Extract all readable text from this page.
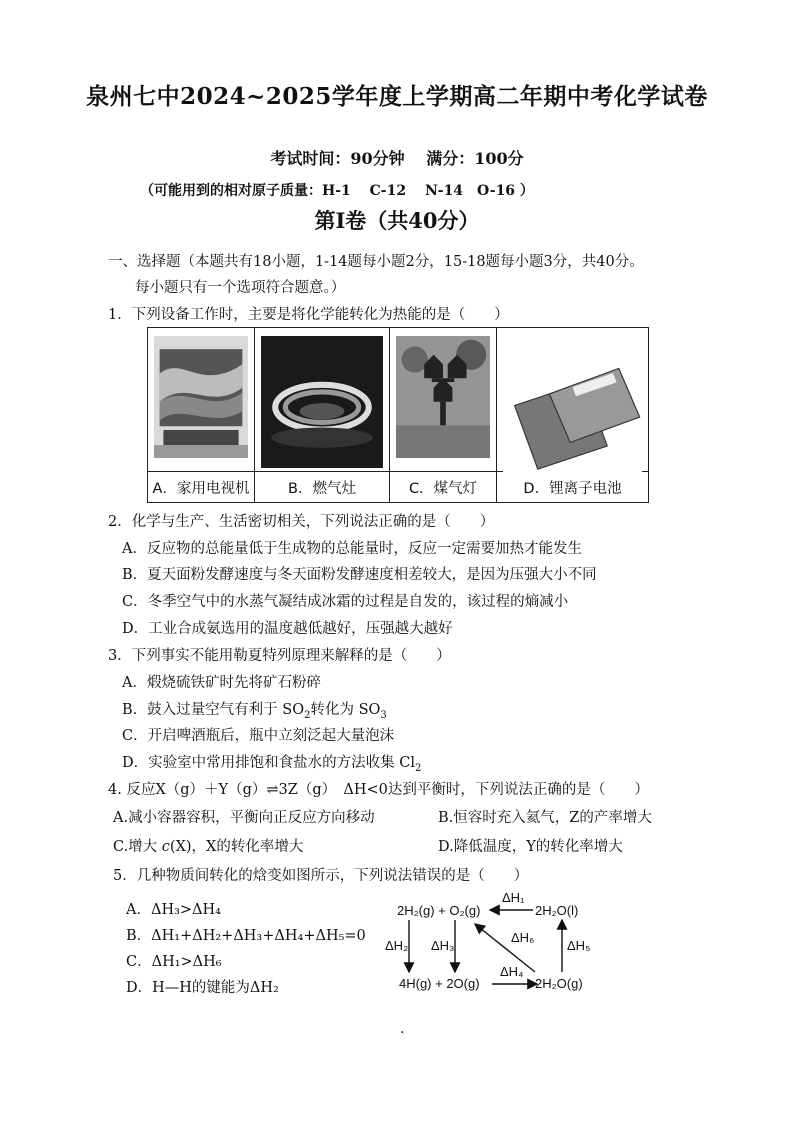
泉州七中2024~2025学年度上学期高二年期中考化学试卷
考试时间：90分钟　 满分：100分
（可能用到的相对原子质量：H-1　 C-12　 N-14　O-16 ）
第Ⅰ卷（共40分）
一、选择题（本题共有18小题，1-14题每小题2分，15-18题每小题3分，共40分。
每小题只有一个选项符合题意。）
1．下列设备工作时，主要是将化学能转化为热能的是（　　）
A．家用电视机	B．燃气灶	C．煤气灯	D．锂离子电池
2．化学与生产、生活密切相关，下列说法正确的是（　　）
A．反应物的总能量低于生成物的总能量时，反应一定需要加热才能发生
B．夏天面粉发酵速度与冬天面粉发酵速度相差较大，是因为压强大小不同
C．冬季空气中的水蒸气凝结成冰霜的过程是自发的，该过程的熵减小
D．工业合成氨选用的温度越低越好，压强越大越好
3．下列事实不能用勒夏特列原理来解释的是（　　）
A．煅烧硫铁矿时先将矿石粉碎
B．鼓入过量空气有利于 $SO_2$转化为 $SO_3$
C．开启啤酒瓶后，瓶中立刻泛起大量泡沫
D．实验室中常用排饱和食盐水的方法收集 $Cl_2$
4. 反应X（g）＋Y（g）⇌3Z（g）　ΔH<0达到平衡时，下列说法正确的是（　　）
A.减小容器容积，平衡向正反应方向移动	B.恒容时充入氦气，Z的产率增大
C.增大 c(X)，X的转化率增大	D.降低温度，Y的转化率增大
5．几种物质间转化的焓变如图所示，下列说法错误的是（　　）
A．ΔH₃>ΔH₄
B．ΔH₁+ΔH₂+ΔH₃+ΔH₄+ΔH₅=0
C．ΔH₁>ΔH₆
D．H—H的键能为ΔH₂
2H₂(g) + O₂(g)	2H₂O(l)
4H(g) + 2O(g)	2H₂O(g)
ΔH₁
ΔH₂ ΔH₃
ΔH₄
ΔH₅
ΔH₆
·
